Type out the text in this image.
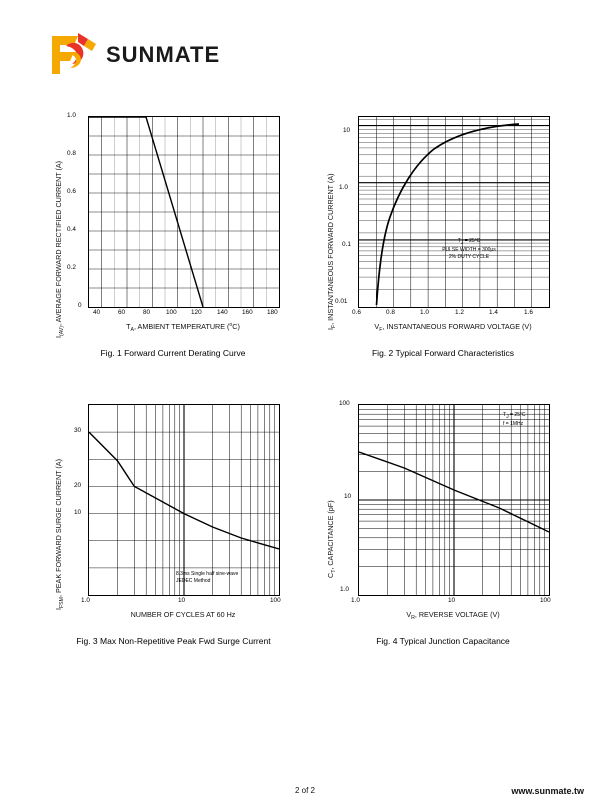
SUNMATE
$I_{(AV)}$, AVERAGE FORWARD RECTIFIED CURRENT (A)	40	60	80 100 120 140 160 180
0
0.2
0.4
0.6
0.8
1.0
$T_A$, AMBIENT TEMPERATURE ($^o$C)
Fig. 1 Forward Current Derating Curve
$I_F$, INSTANTANEOUS FORWARD CURRENT (A)	TJ = 25°C
PULSE WIDTH = 300µs
2% DUTY CYCLE
0.6	0.8	1.0	1.2	1.4	1.6
0.01
0.1
1.0
10
$V_F$, INSTANTANEOUS FORWARD VOLTAGE (V)
Fig. 2 Typical Forward Characteristics
$I_{FSM}$, PEAK FORWARD SURGE CURRENT (A)	8.3ms Single half sine-wave
JEDEC Method
1.0	10	100
10
20
30
NUMBER OF CYCLES AT 60 Hz
Fig. 3 Max Non-Repetitive Peak Fwd Surge Current
$C_T$, CAPACITANCE (pF)
TJ = 25°C
f = 1MHz
1.0	10	100
1.0
10
100
$V_R$, REVERSE VOLTAGE (V)
Fig. 4 Typical Junction Capacitance
2 of 2	www.sunmate.tw
